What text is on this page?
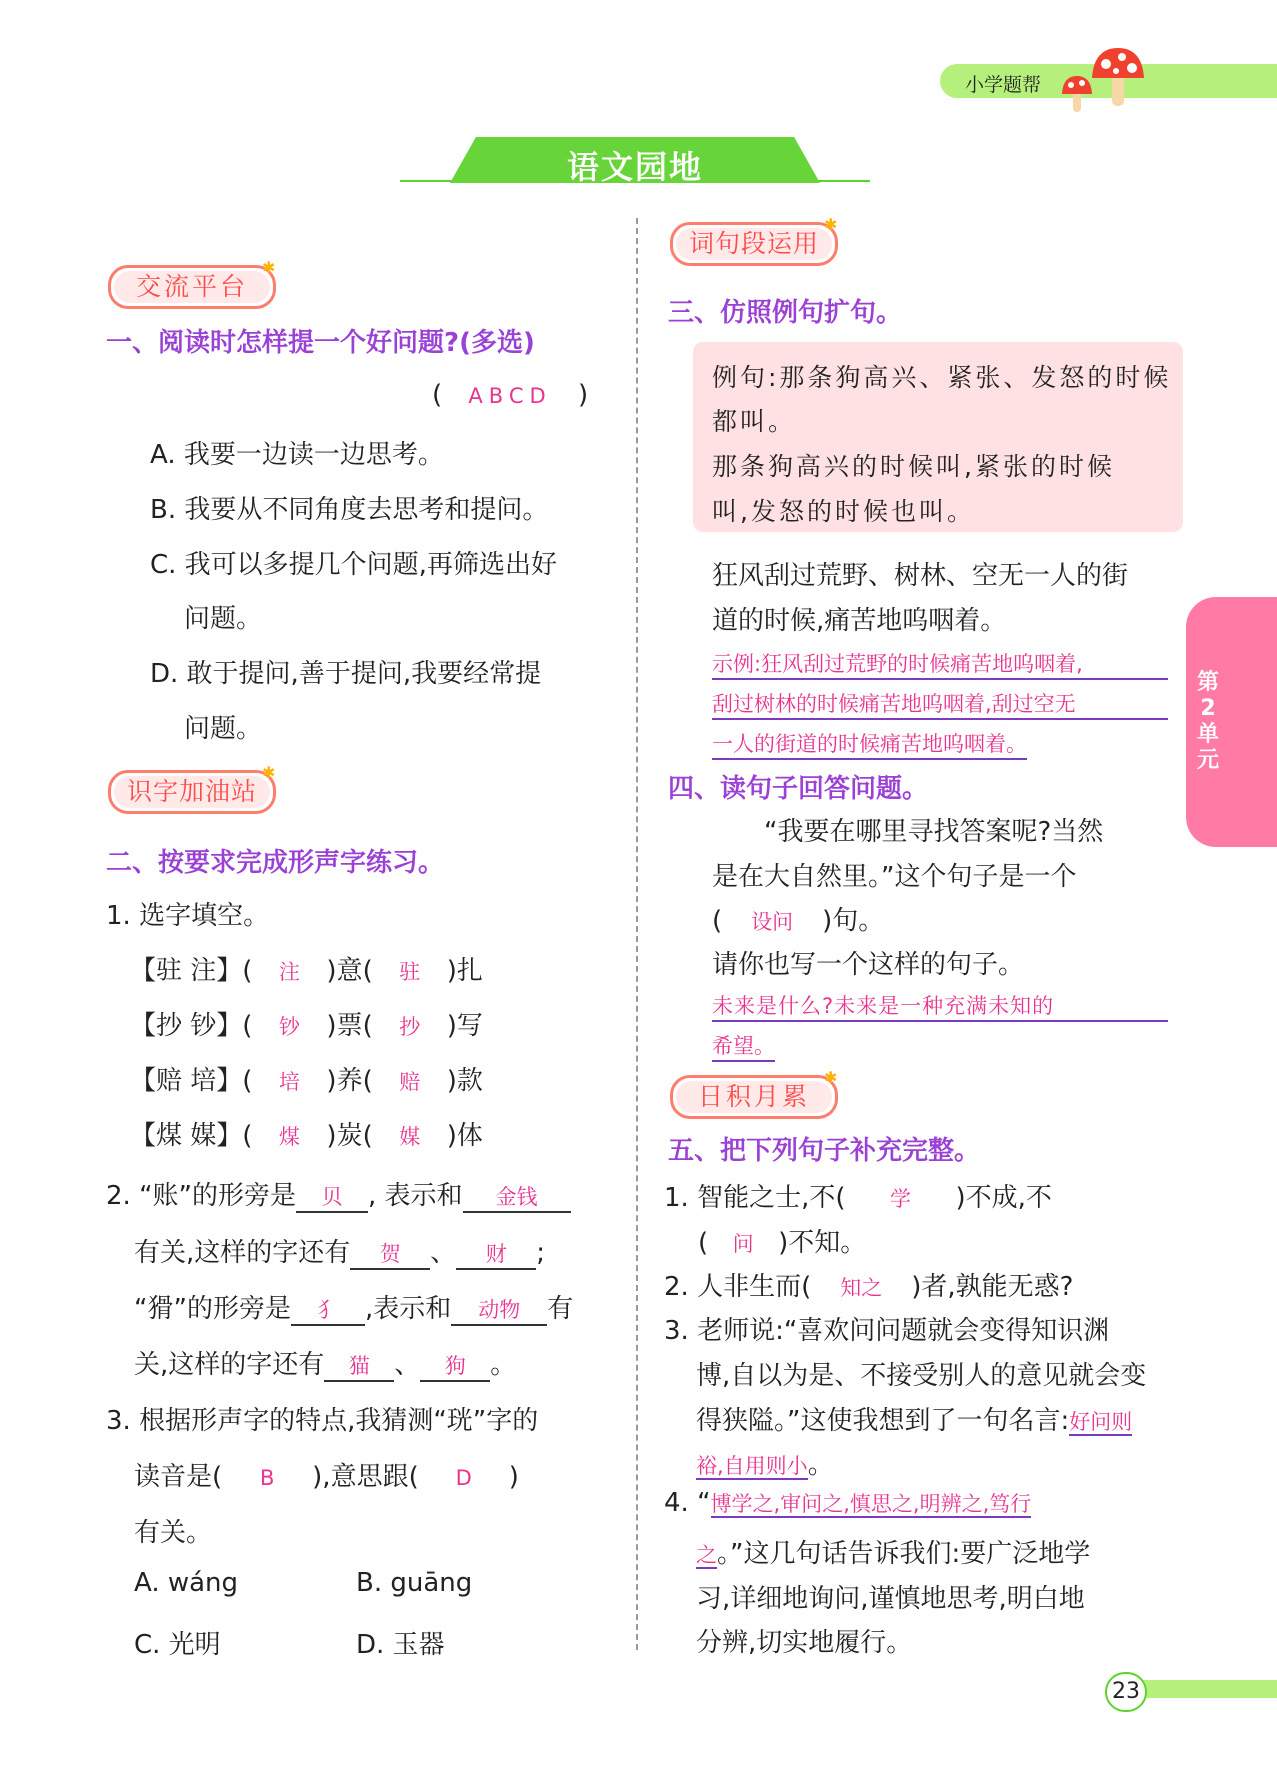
小学题帮
语文园地
交流平台
✱
一、阅读时怎样提一个好问题?(多选)
( ABCD )
A. 我要一边读一边思考。
B. 我要从不同角度去思考和提问。
C. 我可以多提几个问题,再筛选出好
问题。
D. 敢于提问,善于提问,我要经常提
问题。
识字加油站
✱
二、按要求完成形声字练习。
1. 选字填空。
【驻 注】( 注 )意( 驻 )扎
【抄 钞】( 钞 )票( 抄 )写
【赔 培】( 培 )养( 赔 )款
【煤 媒】( 煤 )炭( 媒 )体
2. “账”的形旁是 贝 , 表示和 金钱
有关,这样的字还有 贺 、 财 ;
“猾”的形旁是 犭 ,表示和 动物 有
关,这样的字还有 猫 、 狗 。
3. 根据形声字的特点,我猜测“珖”字的
读音是( B ),意思跟( D )
有关。
A. wáng	B. guāng
C. 光明	D. 玉器
词句段运用
✱
三、仿照例句扩句。
例句:那条狗高兴、紧张、发怒的时候
都叫。
那条狗高兴的时候叫,紧张的时候
叫,发怒的时候也叫。
狂风刮过荒野、树林、空无一人的街
道的时候,痛苦地呜咽着。
示例:狂风刮过荒野的时候痛苦地呜咽着,
刮过树林的时候痛苦地呜咽着,刮过空无
一人的街道的时候痛苦地呜咽着。
四、读句子回答问题。
“我要在哪里寻找答案呢?当然
是在大自然里。”这个句子是一个
( 设问 )句。
请你也写一个这样的句子。
未来是什么?未来是一种充满未知的
希望。
日积月累
✱
五、把下列句子补充完整。
1. 智能之士,不( 学 )不成,不
( 问 )不知。
2. 人非生而( 知之 )者,孰能无惑?
3. 老师说:“喜欢问问题就会变得知识渊
博,自以为是、不接受别人的意见就会变
得狭隘。”这使我想到了一句名言:好问则
裕,自用则小。
4. “博学之,审问之,慎思之,明辨之,笃行
之。”这几句话告诉我们:要广泛地学
习,详细地询问,谨慎地思考,明白地
分辨,切实地履行。
第2单元
23
